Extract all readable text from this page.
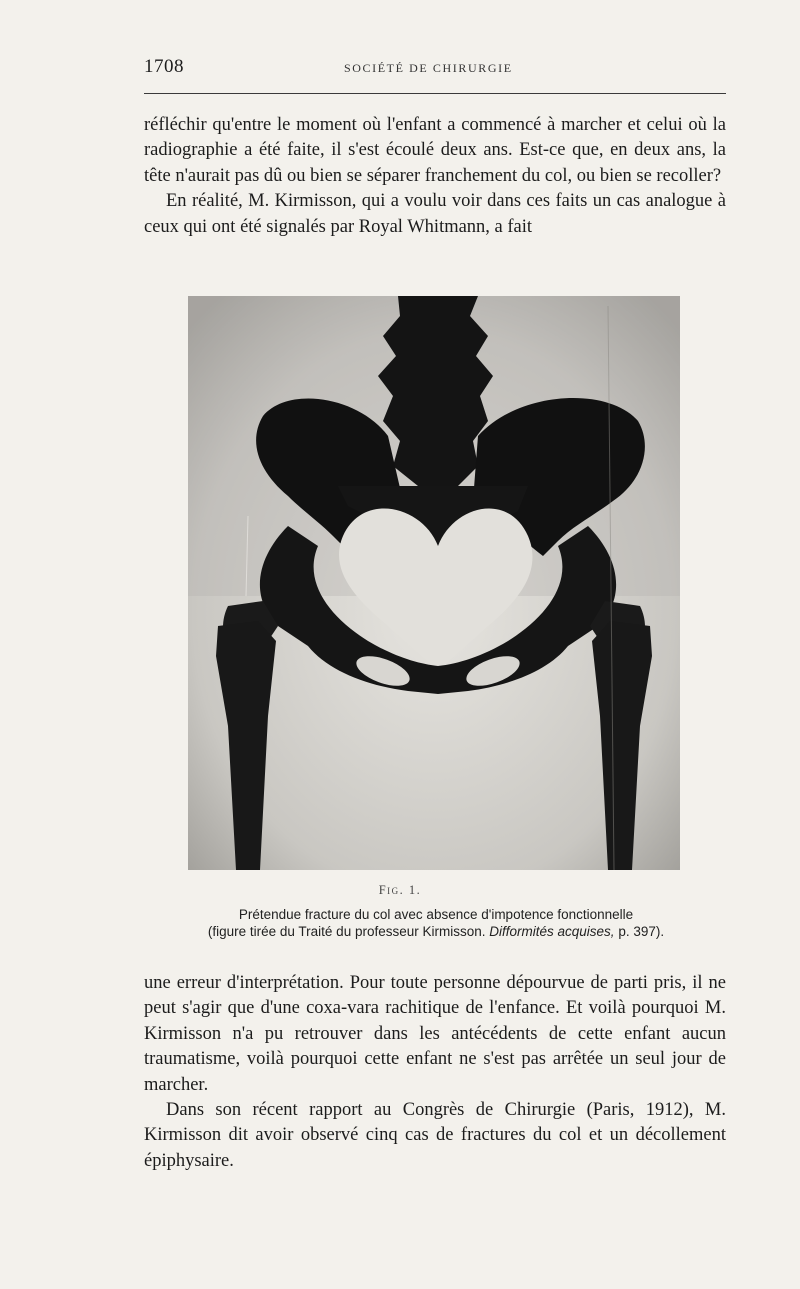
1708	SOCIÉTÉ DE CHIRURGIE

réfléchir qu'entre le moment où l'enfant a commencé à marcher et celui où la radiographie a été faite, il s'est écoulé deux ans. Est-ce que, en deux ans, la tête n'aurait pas dû ou bien se séparer franchement du col, ou bien se recoller?

En réalité, M. Kirmisson, qui a voulu voir dans ces faits un cas analogue à ceux qui ont été signalés par Royal Whitmann, a fait

Fig. 1.
Prétendue fracture du col avec absence d'impotence fonctionnelle
(figure tirée du Traité du professeur Kirmisson. Difformités acquises, p. 397).

une erreur d'interprétation. Pour toute personne dépourvue de parti pris, il ne peut s'agir que d'une coxa-vara rachitique de l'enfance. Et voilà pourquoi M. Kirmisson n'a pu retrouver dans les antécédents de cette enfant aucun traumatisme, voilà pourquoi cette enfant ne s'est pas arrêtée un seul jour de marcher.

Dans son récent rapport au Congrès de Chirurgie (Paris, 1912), M. Kirmisson dit avoir observé cinq cas de fractures du col et un décollement épiphysaire.
